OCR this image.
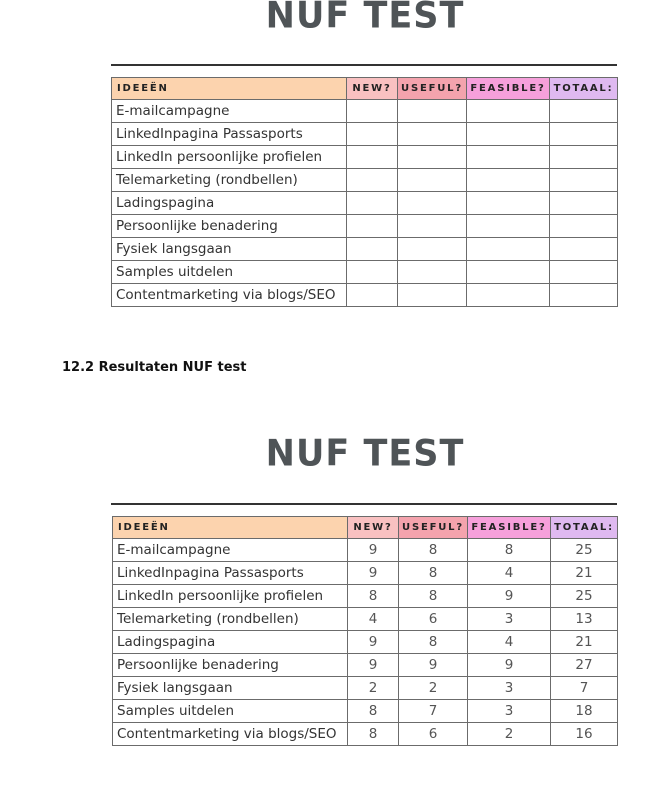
NUF TEST
IDEEËN	NEW?	USEFUL?	FEASIBLE?	TOTAAL:
E-mailcampagne				
LinkedInpagina Passasports				
LinkedIn persoonlijke profielen				
Telemarketing (rondbellen)				
Ladingspagina				
Persoonlijke benadering				
Fysiek langsgaan				
Samples uitdelen				
Contentmarketing via blogs/SEO				
12.2 Resultaten NUF test
NUF TEST
IDEEËN	NEW?	USEFUL?	FEASIBLE?	TOTAAL:
E-mailcampagne	9	8	8	25
LinkedInpagina Passasports	9	8	4	21
LinkedIn persoonlijke profielen	8	8	9	25
Telemarketing (rondbellen)	4	6	3	13
Ladingspagina	9	8	4	21
Persoonlijke benadering	9	9	9	27
Fysiek langsgaan	2	2	3	7
Samples uitdelen	8	7	3	18
Contentmarketing via blogs/SEO	8	6	2	16
